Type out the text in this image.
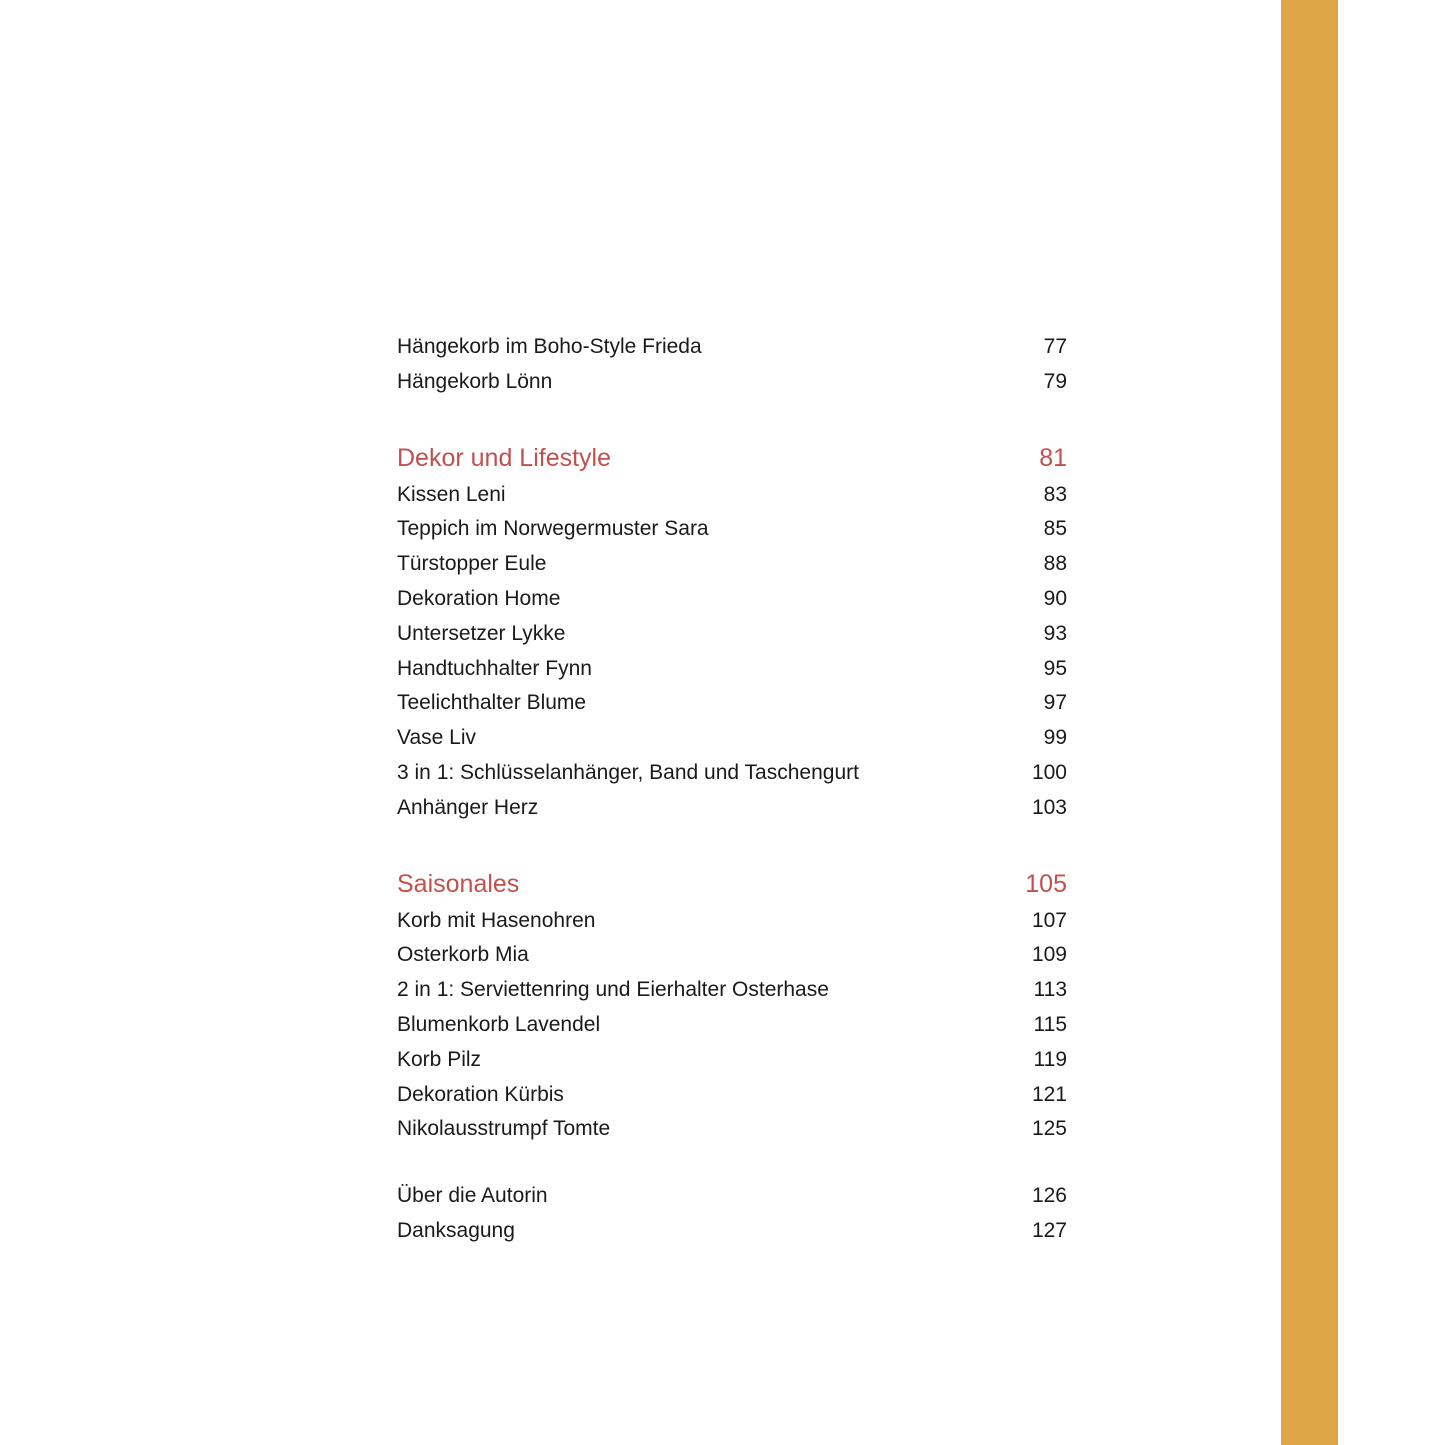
Hängekorb im Boho-Style Frieda	77
Hängekorb Lönn	79
Dekor und Lifestyle	81
Kissen Leni	83
Teppich im Norwegermuster Sara	85
Türstopper Eule	88
Dekoration Home	90
Untersetzer Lykke	93
Handtuchhalter Fynn	95
Teelichthalter Blume	97
Vase Liv	99
3 in 1: Schlüsselanhänger, Band und Taschengurt	100
Anhänger Herz	103
Saisonales	105
Korb mit Hasenohren	107
Osterkorb Mia	109
2 in 1: Serviettenring und Eierhalter Osterhase	113
Blumenkorb Lavendel	115
Korb Pilz	119
Dekoration Kürbis	121
Nikolausstrumpf Tomte	125
Über die Autorin	126
Danksagung	127
